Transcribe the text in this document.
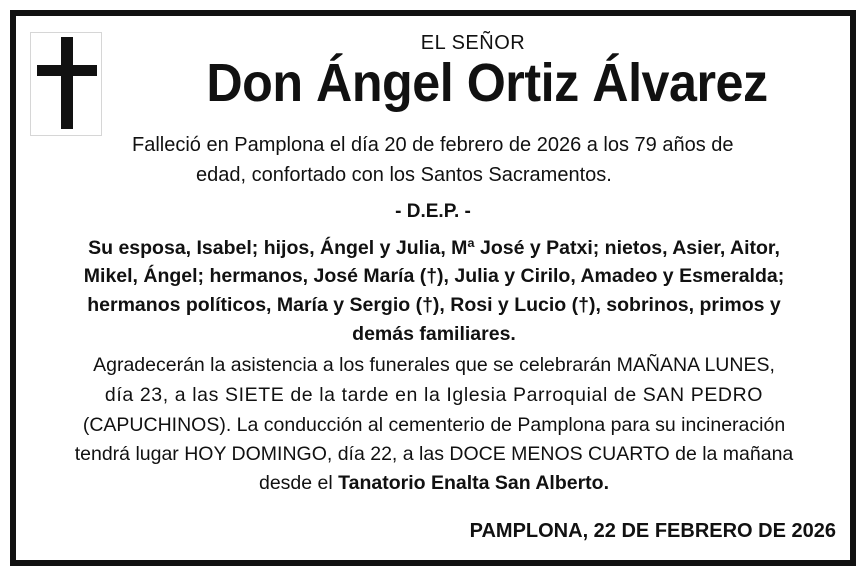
EL SEÑOR

Don Ángel Ortiz Álvarez

Falleció en Pamplona el día 20 de febrero de 2026 a los 79 años de

edad, confortado con los Santos Sacramentos.

- D.E.P. -

Su esposa, Isabel; hijos, Ángel y Julia, Mª José y Patxi; nietos, Asier, Aitor,

Mikel, Ángel; hermanos, José María (†), Julia y Cirilo, Amadeo y Esmeralda;

hermanos políticos, María y Sergio (†), Rosi y Lucio (†), sobrinos, primos y

demás familiares.

Agradecerán la asistencia a los funerales que se celebrarán MAÑANA LUNES,

día 23, a las SIETE de la tarde en la Iglesia Parroquial de SAN PEDRO

(CAPUCHINOS). La conducción al cementerio de Pamplona para su incineración

tendrá lugar HOY DOMINGO, día 22, a las DOCE MENOS CUARTO de la mañana

desde el Tanatorio Enalta San Alberto.

PAMPLONA, 22 DE FEBRERO DE 2026
